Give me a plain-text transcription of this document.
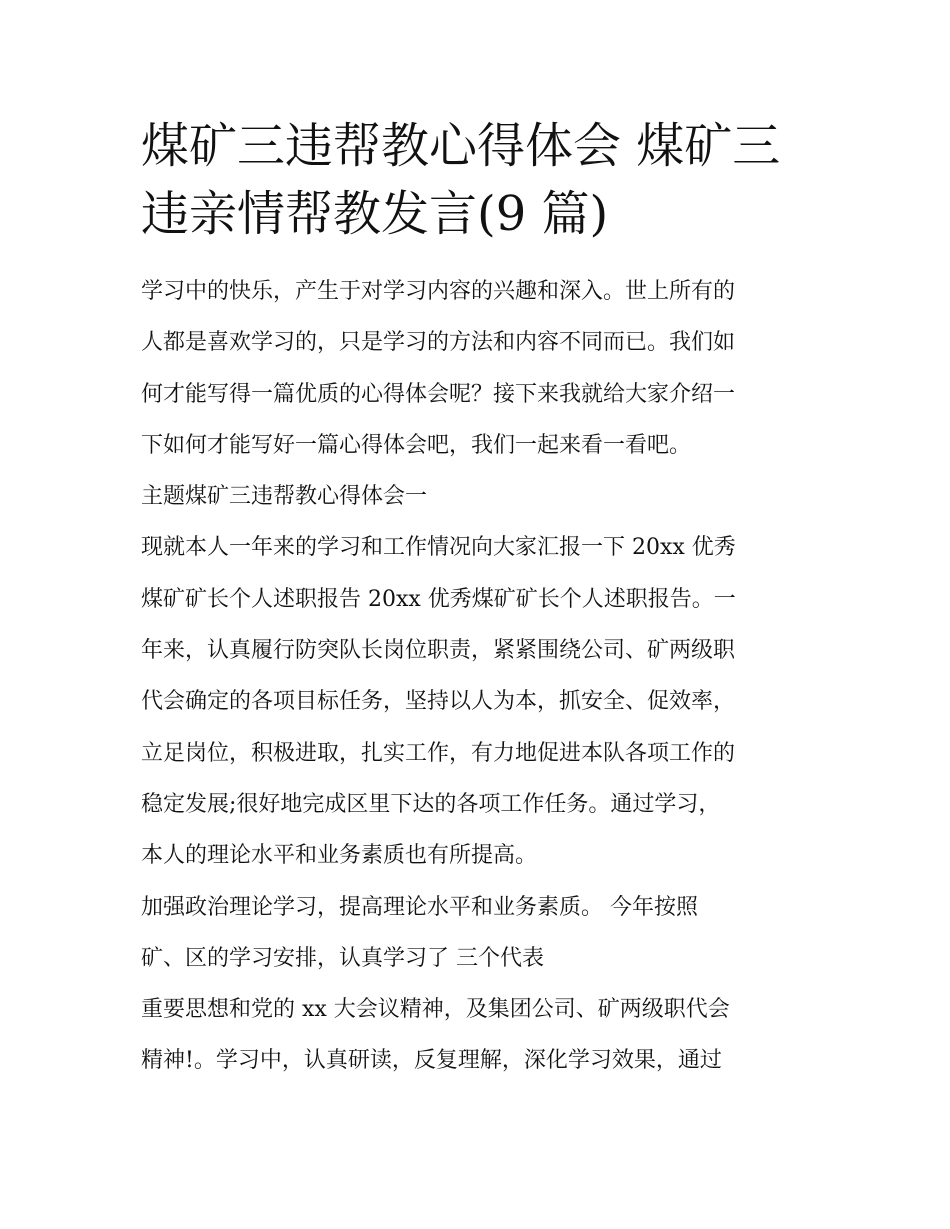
煤矿三违帮教心得体会 煤矿三
违亲情帮教发言(9 篇)
学习中的快乐，产生于对学习内容的兴趣和深入。世上所有的
人都是喜欢学习的，只是学习的方法和内容不同而已。我们如
何才能写得一篇优质的心得体会呢？接下来我就给大家介绍一
下如何才能写好一篇心得体会吧，我们一起来看一看吧。
主题煤矿三违帮教心得体会一
现就本人一年来的学习和工作情况向大家汇报一下 20xx 优秀
煤矿矿长个人述职报告 20xx 优秀煤矿矿长个人述职报告。一
年来，认真履行防突队长岗位职责，紧紧围绕公司、矿两级职
代会确定的各项目标任务，坚持以人为本，抓安全、促效率，
立足岗位，积极进取，扎实工作，有力地促进本队各项工作的
稳定发展;很好地完成区里下达的各项工作任务。通过学习，
本人的理论水平和业务素质也有所提高。
加强政治理论学习，提高理论水平和业务素质。 今年按照
矿、区的学习安排，认真学习了 三个代表
重要思想和党的 xx 大会议精神，及集团公司、矿两级职代会
精神!。学习中，认真研读，反复理解，深化学习效果，通过
